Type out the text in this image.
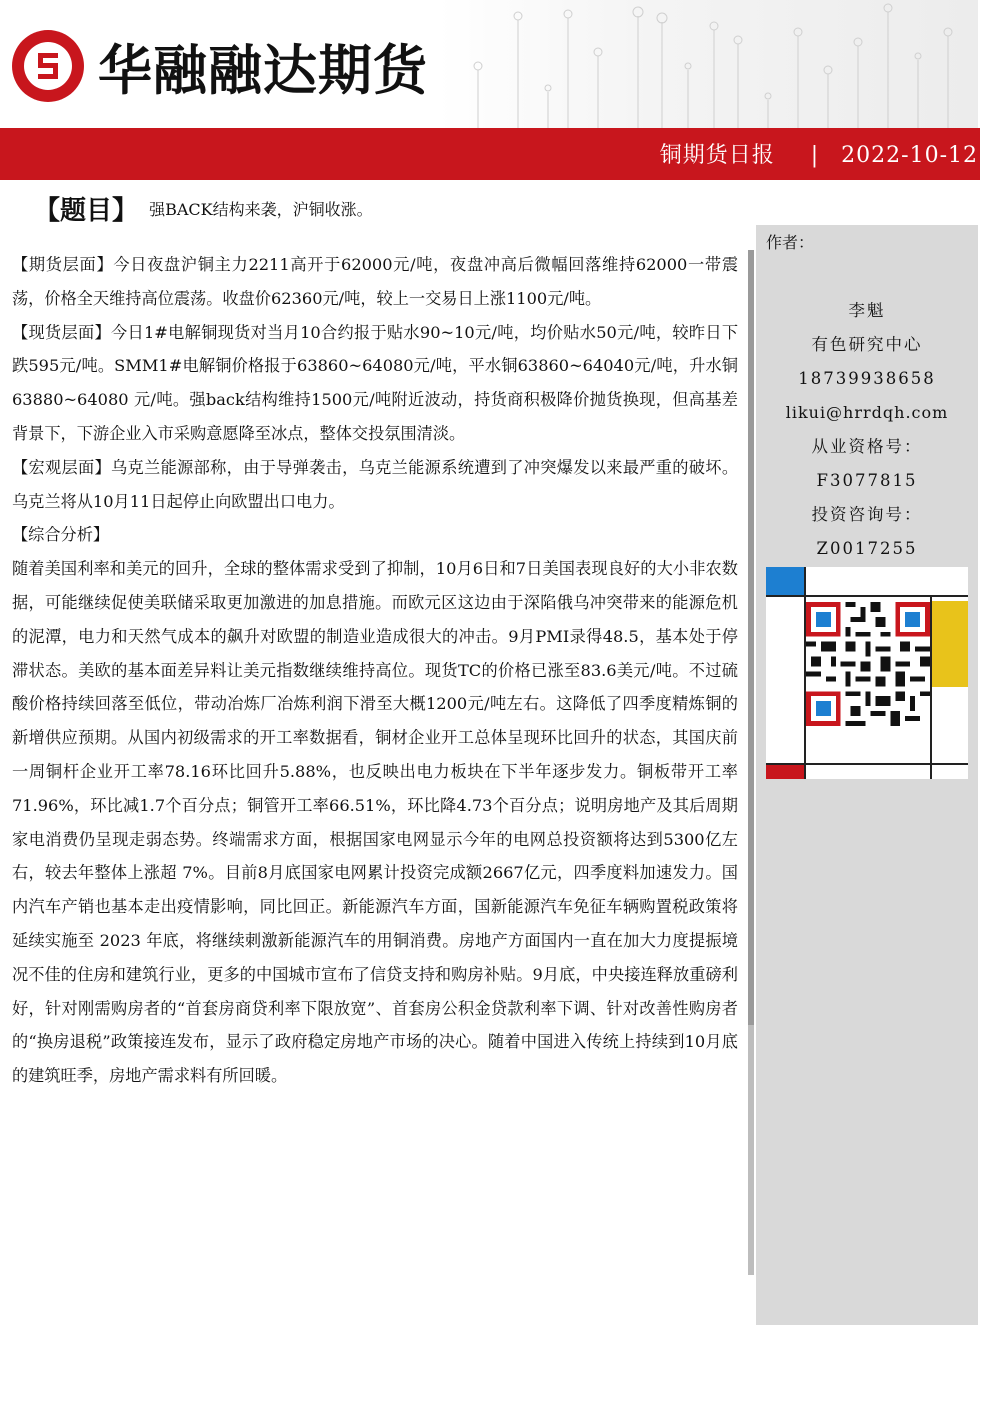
华融融达期货
铜期货日报 | 2022-10-12
【题目】 强BACK结构来袭，沪铜收涨。

【期货层面】今日夜盘沪铜主力2211高开于62000元/吨，夜盘冲高后微幅回落维持62000一带震荡，价格全天维持高位震荡。收盘价62360元/吨，较上一交易日上涨1100元/吨。

【现货层面】今日1#电解铜现货对当月10合约报于贴水90~10元/吨，均价贴水50元/吨，较昨日下跌595元/吨。SMM1#电解铜价格报于63860~64080元/吨，平水铜63860~64040元/吨，升水铜63880~64080 元/吨。强back结构维持1500元/吨附近波动，持货商积极降价抛货换现，但高基差背景下，下游企业入市采购意愿降至冰点，整体交投氛围清淡。

【宏观层面】乌克兰能源部称，由于导弹袭击，乌克兰能源系统遭到了冲突爆发以来最严重的破坏。乌克兰将从10月11日起停止向欧盟出口电力。

【综合分析】

随着美国利率和美元的回升，全球的整体需求受到了抑制，10月6日和7日美国表现良好的大小非农数据，可能继续促使美联储采取更加激进的加息措施。而欧元区这边由于深陷俄乌冲突带来的能源危机的泥潭，电力和天然气成本的飙升对欧盟的制造业造成很大的冲击。9月PMI录得48.5，基本处于停滞状态。美欧的基本面差异料让美元指数继续维持高位。现货TC的价格已涨至83.6美元/吨。不过硫酸价格持续回落至低位，带动冶炼厂冶炼利润下滑至大概1200元/吨左右。这降低了四季度精炼铜的新增供应预期。从国内初级需求的开工率数据看，铜材企业开工总体呈现环比回升的状态，其国庆前一周铜杆企业开工率78.16环比回升5.88%，也反映出电力板块在下半年逐步发力。铜板带开工率71.96%，环比减1.7个百分点；铜管开工率66.51%，环比降4.73个百分点；说明房地产及其后周期家电消费仍呈现走弱态势。终端需求方面，根据国家电网显示今年的电网总投资额将达到5300亿左右，较去年整体上涨超 7%。目前8月底国家电网累计投资完成额2667亿元，四季度料加速发力。国内汽车产销也基本走出疫情影响，同比回正。新能源汽车方面，国新能源汽车免征车辆购置税政策将延续实施至 2023 年底，将继续刺激新能源汽车的用铜消费。房地产方面国内一直在加大力度提振境况不佳的住房和建筑行业，更多的中国城市宣布了信贷支持和购房补贴。9月底，中央接连释放重磅利好，针对刚需购房者的“首套房商贷利率下限放宽”、首套房公积金贷款利率下调、针对改善性购房者的“换房退税”政策接连发布，显示了政府稳定房地产市场的决心。随着中国进入传统上持续到10月底的建筑旺季，房地产需求料有所回暖。

作者：
李魁
有色研究中心
18739938658
likui@hrrdqh.com
从业资格号：
F3077815
投资咨询号：
Z0017255
